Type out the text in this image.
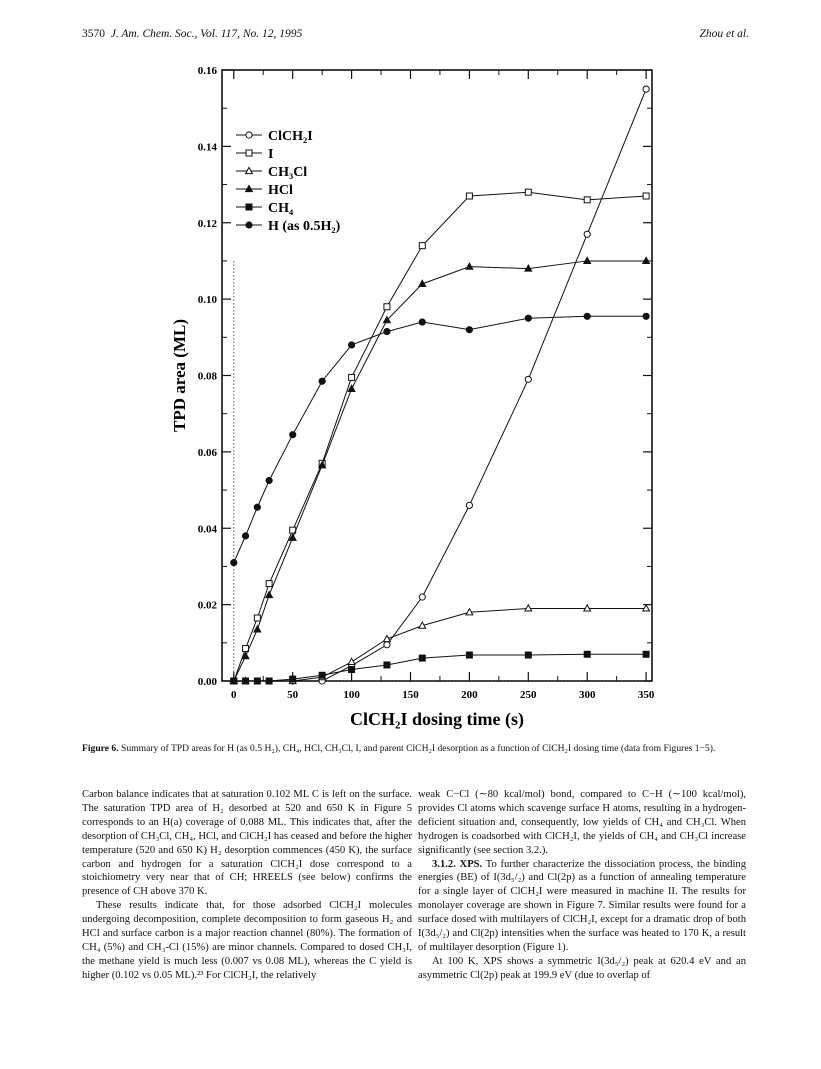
3570 J. Am. Chem. Soc., Vol. 117, No. 12, 1995	Zhou et al.
0	50	100	150	200	250	300	350
0.00
0.02
0.04
0.06
0.08
0.10
0.12
0.14
0.16
ClCH₂I dosing time (s)
TPD area (ML)
ClCH₂I
I
CH₃Cl
HCl
CH₄
H (as 0.5H₂)
Figure 6. Summary of TPD areas for H (as 0.5 H₂), CH₄, HCl, CH₃Cl, I, and parent ClCH₂I desorption as a function of ClCH₂I dosing time (data from Figures 1−5).

Carbon balance indicates that at saturation 0.102 ML C is left on the surface. The saturation TPD area of H₂ desorbed at 520 and 650 K in Figure 5 corresponds to an H(a) coverage of 0.088 ML. This indicates that, after the desorption of CH₃Cl, CH₄, HCl, and ClCH₂I has ceased and before the higher temperature (520 and 650 K) H₂ desorption commences (450 K), the surface carbon and hydrogen for a saturation ClCH₂I dose correspond to a stoichiometry very near that of CH; HREELS (see below) confirms the presence of CH above 370 K.

These results indicate that, for those adsorbed ClCH₂I molecules undergoing decomposition, complete decomposition to form gaseous H₂ and HCl and surface carbon is a major reaction channel (80%). The formation of CH₄ (5%) and CH₃-Cl (15%) are minor channels. Compared to dosed CH₃I, the methane yield is much less (0.007 vs 0.08 ML), whereas the C yield is higher (0.102 vs 0.05 ML).²³ For ClCH₂I, the relatively

weak C−Cl (∼80 kcal/mol) bond, compared to C−H (∼100 kcal/mol), provides Cl atoms which scavenge surface H atoms, resulting in a hydrogen-deficient situation and, consequently, low yields of CH₄ and CH₃Cl. When hydrogen is coadsorbed with ClCH₂I, the yields of CH₄ and CH₃Cl increase significantly (see section 3.2.).

3.1.2. XPS. To further characterize the dissociation process, the binding energies (BE) of I(3d₅/₂) and Cl(2p) as a function of annealing temperature for a single layer of ClCH₂I were measured in machine II. The results for monolayer coverage are shown in Figure 7. Similar results were found for a surface dosed with multilayers of ClCH₂I, except for a dramatic drop of both I(3d₅/₂) and Cl(2p) intensities when the surface was heated to 170 K, a result of multilayer desorption (Figure 1).

At 100 K, XPS shows a symmetric I(3d₅/₂) peak at 620.4 eV and an asymmetric Cl(2p) peak at 199.9 eV (due to overlap of
